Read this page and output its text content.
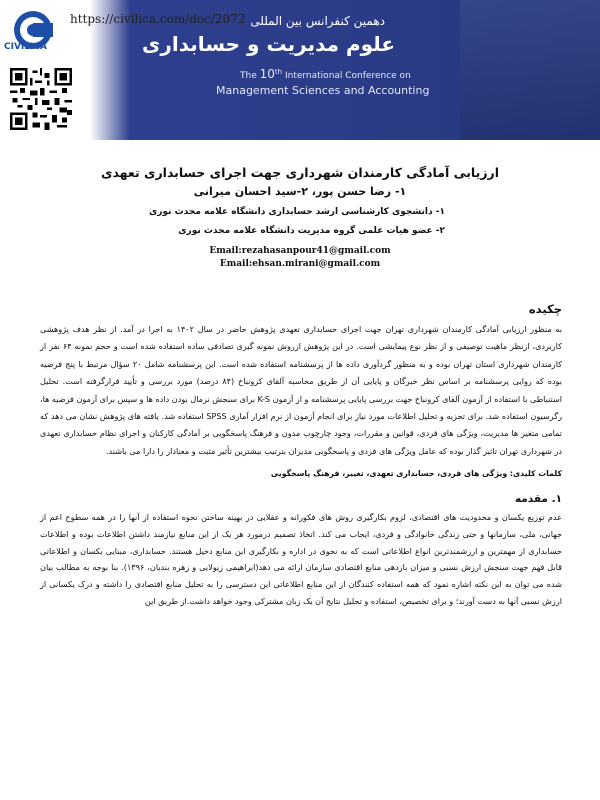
CIVILICA
https://civilica.com/doc/2072 دهمین کنفرانس بین المللی
علوم مدیریت و حسابداری
The 10th International Conference on
Management Sciences and Accounting
ارزیابی آمادگی کارمندان شهرداری جهت اجرای حسابداری تعهدی
۱- رضا حسن پور، ۲-سید احسان میرانی
۱- دانشجوی کارشناسی ارشد حسابداری دانشگاه علامه محدث نوری
۲- عضو هیات علمی گروه مدیریت دانشگاه علامه محدث نوری
Email:rezahasanpour41@gmail.com
Email:ehsan.mirani@gmail.com
چکیده
به منظور ارزیابی آمادگی کارمندان شهرداری تهران جهت اجرای حسابداری تعهدی پژوهش حاضر در سال ۱۴۰۲ به اجرا در آمد. از نظر هدف پژوهشی کاربردی، ازنظر ماهیت توصیفی و از نظر نوع پیمایشی است. در این پژوهش ازروش نمونه گیری تصادفی ساده استفاده شده است و حجم نمونه ۶۴ نفر از کارمندان شهرداری استان تهران بوده و به منظور گردآوری داده ها از پرسشنامه استفاده شده است. این پرسشنامه شامل ۲۰ سؤال مرتبط با پنج فرضیه بوده که روایی پرسشنامه بر اساس نظر خبرگان و پایایی آن از طریق محاسبه آلفای کرونباخ (۸۴ درصد) مورد بررسی و تأیید قرارگرفته است. تحلیل استنباطی با استفاده از آزمون آلفای کرونباخ جهت بررسی پایایی پرسشنامه و از آزمون K-S برای سنجش نرمال بودن داده ها و سپس برای آزمون فرضیه ها، رگرسیون استفاده شد. برای تجزیه و تحلیل اطلاعات مورد نیاز برای انجام آزمون از نرم افزار آماری SPSS استفاده شد. یافته های پژوهش نشان می دهد که تمامی متغیر ها مدیریت، ویژگی های فردی، قوانین و مقررات، وجود چارچوب مدون و فرهنگ پاسخگویی بر آمادگی کارکنان و اجرای نظام حسابداری تعهدی در شهرداری تهران تاثیر گذار بوده که عامل ویژگی های فردی و پاسخگویی مدیران بترتیب بیشترین تأثیر مثبت و معنادار را دارا می باشند.
کلمات کلیدی: ویژگی های فردی، حسابداری تعهدی، تغییر، فرهنگ پاسخگویی
۱. مقدمه
عدم توزیع یکسان و محدودیت های اقتصادی، لزوم بکارگیری روش های فکورانه و عقلایی در بهینه ساختن نحوه استفاده از آنها را در همه سطوح اعم از جهانی، ملی، سازمانها و حتی زندگی خانوادگی و فردی، ایجاب می کند. اتخاذ تصمیم درمورد هر یک از این منابع نیازمند داشتن اطلاعات بوده و اطلاعات حسابداری از مهمترین و ارزشمندترین انواع اطلاعاتی است که به نحوی در اداره و بکارگیری این منابع دخیل هستند. حسابداری، مبنایی یکسان و اطلاعاتی قابل فهم جهت سنجش ارزش نسبی و میزان بازدهی منابع اقتصادی سازمان ارائه می دهد(ابراهیمی زیولایی و زهره بندیان، ۱۳۹۶). بنا بوجه به مطالب بیان شده می توان به این نکته اشاره نمود که همه استفاده کنندگان از این منابع اطلاعاتی این دسترسی را به تحلیل منابع اقتصادی را داشته و درک یکسانی از ارزش نسبی آنها به دست آورند؛ و برای تخصیص، استفاده و تحلیل نتایج آن یک زبان مشترکی وجود خواهد داشت.از طریق این
